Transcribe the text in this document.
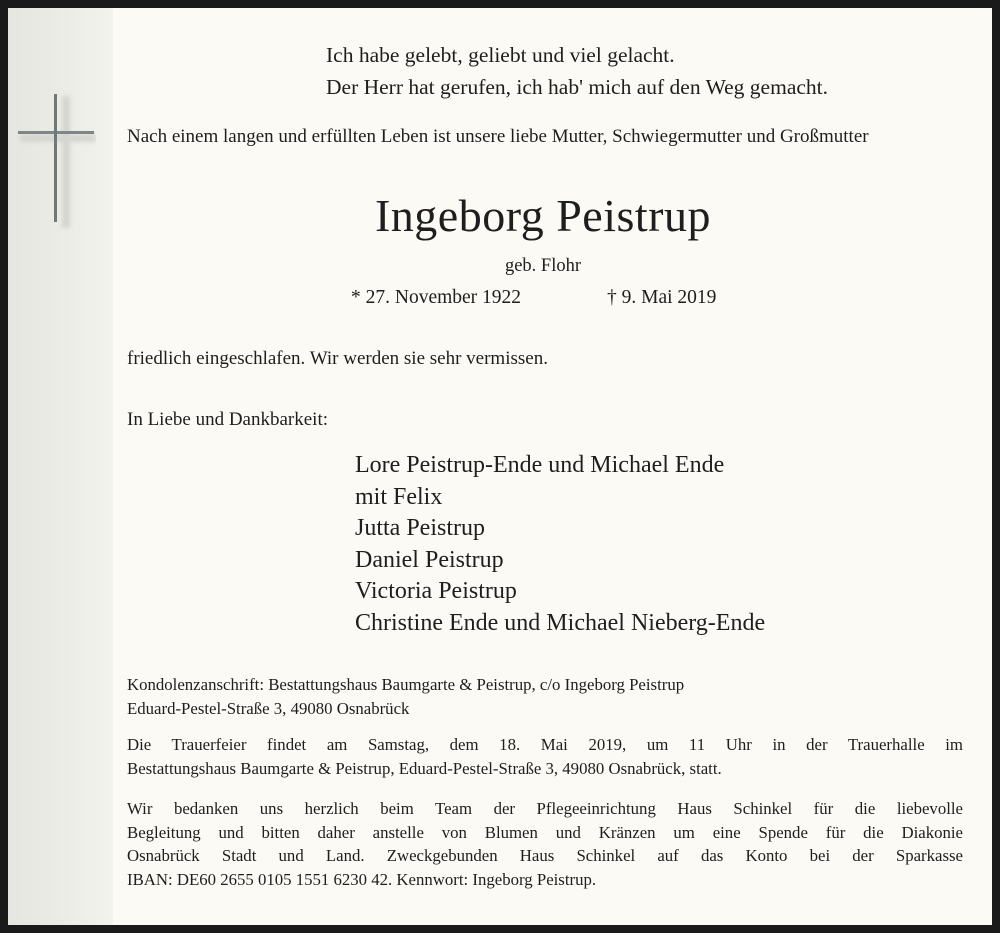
Ich habe gelebt, geliebt und viel gelacht.
Der Herr hat gerufen, ich hab' mich auf den Weg gemacht.
Nach einem langen und erfüllten Leben ist unsere liebe Mutter, Schwiegermutter und Großmutter
Ingeborg Peistrup
geb. Flohr
* 27. November 1922	† 9. Mai 2019
friedlich eingeschlafen. Wir werden sie sehr vermissen.
In Liebe und Dankbarkeit:
Lore Peistrup-Ende und Michael Ende
mit Felix
Jutta Peistrup
Daniel Peistrup
Victoria Peistrup
Christine Ende und Michael Nieberg-Ende
Kondolenzanschrift: Bestattungshaus Baumgarte & Peistrup, c/o Ingeborg Peistrup
Eduard-Pestel-Straße 3, 49080 Osnabrück
Die Trauerfeier findet am Samstag, dem 18. Mai 2019, um 11 Uhr in der Trauerhalle im
Bestattungshaus Baumgarte & Peistrup, Eduard-Pestel-Straße 3, 49080 Osnabrück, statt.
Wir bedanken uns herzlich beim Team der Pflegeeinrichtung Haus Schinkel für die liebevolle
Begleitung und bitten daher anstelle von Blumen und Kränzen um eine Spende für die Diakonie
Osnabrück Stadt und Land. Zweckgebunden Haus Schinkel auf das Konto bei der Sparkasse
IBAN: DE60 2655 0105 1551 6230 42. Kennwort: Ingeborg Peistrup.
